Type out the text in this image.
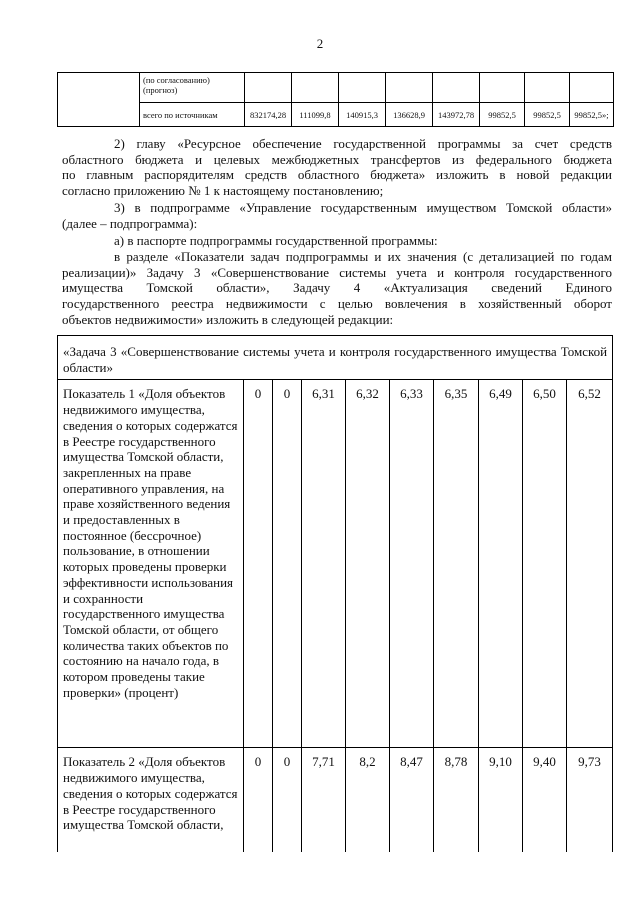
2
	(по согласованию) (прогноз)								
	всего по источникам	832174,28	111099,8	140915,3	136628,9	143972,78	99852,5	99852,5	99852,5»;
2) главу «Ресурсное обеспечение государственной программы за счет средств
областного бюджета и целевых межбюджетных трансфертов из федерального бюджета
по главным распорядителям средств областного бюджета» изложить в новой редакции
согласно приложению № 1 к настоящему постановлению;
3) в подпрограмме «Управление государственным имуществом Томской области»
(далее – подпрограмма):
а) в паспорте подпрограммы государственной программы:
в разделе «Показатели задач подпрограммы и их значения (с детализацией по годам
реализации)» Задачу 3 «Совершенствование системы учета и контроля государственного
имущества Томской области», Задачу 4 «Актуализация сведений Единого
государственного реестра недвижимости с целью вовлечения в хозяйственный оборот
объектов недвижимости» изложить в следующей редакции:
«Задача 3 «Совершенствование системы учета и контроля государственного имущества Томской области»									
Показатель 1 «Доля объектов недвижимого имущества, сведения о которых содержатся в Реестре государственного имущества Томской области, закрепленных на праве оперативного управления, на праве хозяйственного ведения и предоставленных в постоянное (бессрочное) пользование, в отношении которых проведены проверки эффективности использования и сохранности государственного имущества Томской области, от общего количества таких объектов по состоянию на начало года, в котором проведены такие проверки» (процент)	0	0	6,31	6,32	6,33	6,35	6,49	6,50	6,52
Показатель 2 «Доля объектов недвижимого имущества, сведения о которых содержатся в Реестре государственного имущества Томской области,	0	0	7,71	8,2	8,47	8,78	9,10	9,40	9,73
